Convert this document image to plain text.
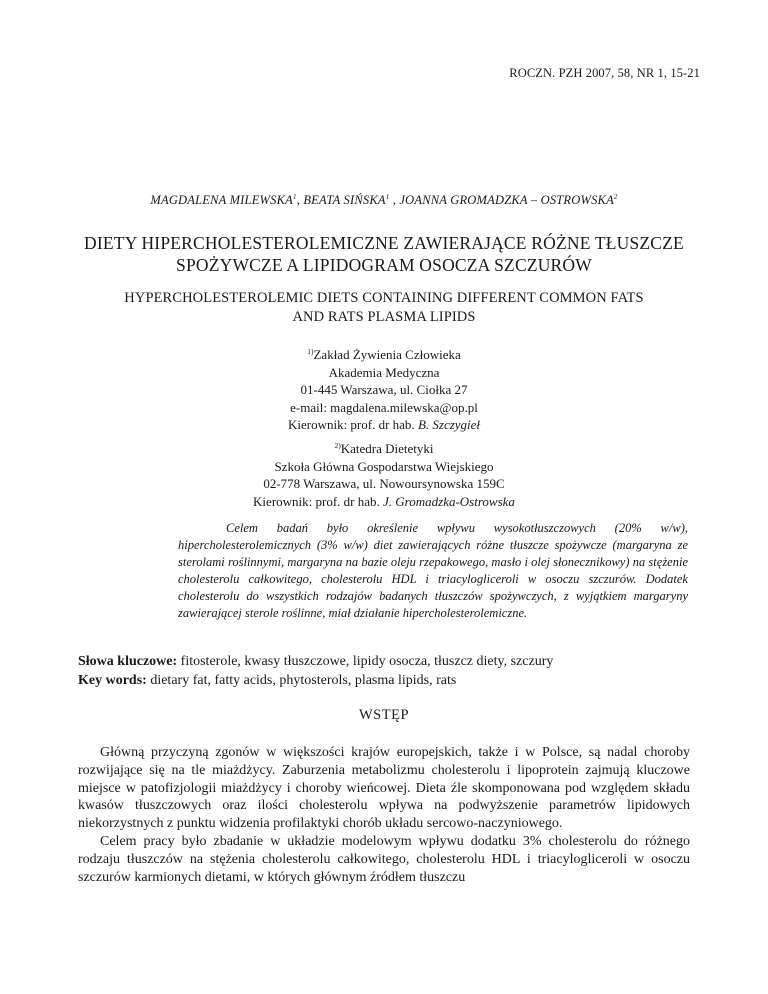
ROCZN. PZH 2007, 58, NR 1, 15-21
MAGDALENA MILEWSKA$^1$, BEATA SIŃSKA$^1$ , JOANNA GROMADZKA – OSTROWSKA$^2$
DIETY HIPERCHOLESTEROLEMICZNE ZAWIERAJĄCE RÓŻNE TŁUSZCZE
SPOŻYWCZE A LIPIDOGRAM OSOCZA SZCZURÓW
HYPERCHOLESTEROLEMIC DIETS CONTAINING DIFFERENT COMMON FATS
AND RATS PLASMA LIPIDS
$^{1)}$Zakład Żywienia Człowieka
Akademia Medyczna
01-445 Warszawa, ul. Ciołka 27
e-mail: magdalena.milewska@op.pl
Kierownik: prof. dr hab. B. Szczygieł
$^{2)}$Katedra Dietetyki
Szkoła Główna Gospodarstwa Wiejskiego
02-778 Warszawa, ul. Nowoursynowska 159C
Kierownik: prof. dr hab. J. Gromadzka-Ostrowska
Celem badań było określenie wpływu wysokotłuszczowych (20% w/w), hipercholesterolemicznych (3% w/w) diet zawierających różne tłuszcze spożywcze (margaryna ze sterolami roślinnymi, margaryna na bazie oleju rzepakowego, masło i olej słonecznikowy) na stężenie cholesterolu całkowitego, cholesterolu HDL i triacylogliceroli w osoczu szczurów. Dodatek cholesterolu do wszystkich rodzajów badanych tłuszczów spożywczych, z wyjątkiem margaryny zawierającej sterole roślinne, miał działanie hipercholesterolemiczne.
Słowa kluczowe: fitosterole, kwasy tłuszczowe, lipidy osocza, tłuszcz diety, szczury
Key words: dietary fat, fatty acids, phytosterols, plasma lipids, rats
WSTĘP

Główną przyczyną zgonów w większości krajów europejskich, także i w Polsce, są nadal choroby rozwijające się na tle miażdżycy. Zaburzenia metabolizmu cholesterolu i lipoprotein zajmują kluczowe miejsce w patofizjologii miażdżycy i choroby wieńcowej. Dieta źle skomponowana pod względem składu kwasów tłuszczowych oraz ilości cholesterolu wpływa na podwyższenie parametrów lipidowych niekorzystnych z punktu widzenia profilaktyki chorób układu sercowo-naczyniowego.

Celem pracy było zbadanie w układzie modelowym wpływu dodatku 3% cholesterolu do różnego rodzaju tłuszczów na stężenia cholesterolu całkowitego, cholesterolu HDL i triacylogliceroli w osoczu szczurów karmionych dietami, w których głównym źródłem tłuszczu
